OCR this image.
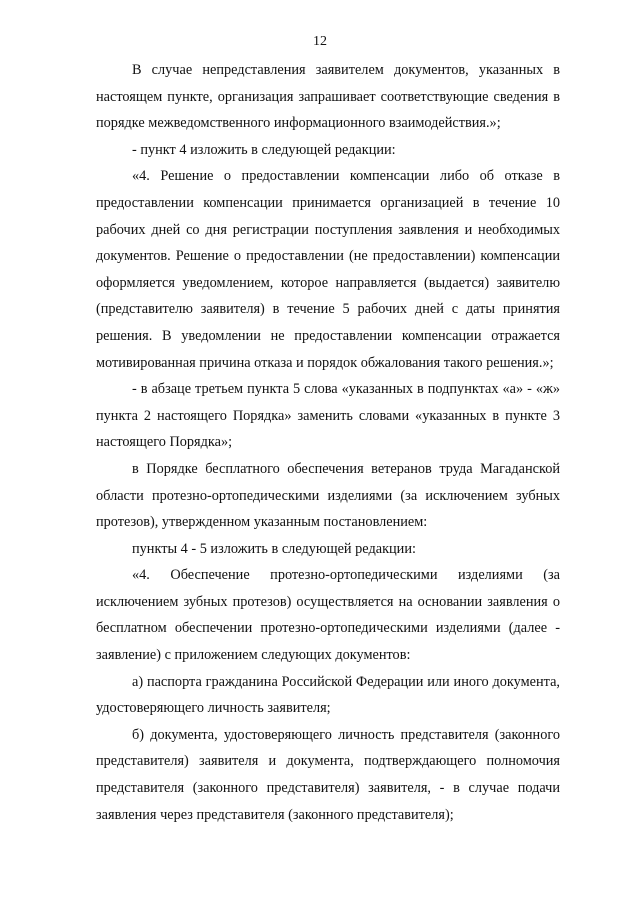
12

В случае непредставления заявителем документов, указанных в настоящем пункте, организация запрашивает соответствующие сведения в порядке межведомственного информационного взаимодействия.»;

- пункт 4 изложить в следующей редакции:

«4. Решение о предоставлении компенсации либо об отказе в предоставлении компенсации принимается организацией в течение 10 рабочих дней со дня регистрации поступления заявления и необходимых документов. Решение о предоставлении (не предоставлении) компенсации оформляется уведомлением, которое направляется (выдается) заявителю (представителю заявителя) в течение 5 рабочих дней с даты принятия решения. В уведомлении не предоставлении компенсации отражается мотивированная причина отказа и порядок обжалования такого решения.»;

- в абзаце третьем пункта 5 слова «указанных в подпунктах «а» - «ж» пункта 2 настоящего Порядка» заменить словами «указанных в пункте 3 настоящего Порядка»;

в Порядке бесплатного обеспечения ветеранов труда Магаданской области протезно-ортопедическими изделиями (за исключением зубных протезов), утвержденном указанным постановлением:

пункты 4 - 5 изложить в следующей редакции:

«4. Обеспечение протезно-ортопедическими изделиями (за исключением зубных протезов) осуществляется на основании заявления о бесплатном обеспечении протезно-ортопедическими изделиями (далее - заявление) с приложением следующих документов:

а) паспорта гражданина Российской Федерации или иного документа, удостоверяющего личность заявителя;

б) документа, удостоверяющего личность представителя (законного представителя) заявителя и документа, подтверждающего полномочия представителя (законного представителя) заявителя, - в случае подачи заявления через представителя (законного представителя);
